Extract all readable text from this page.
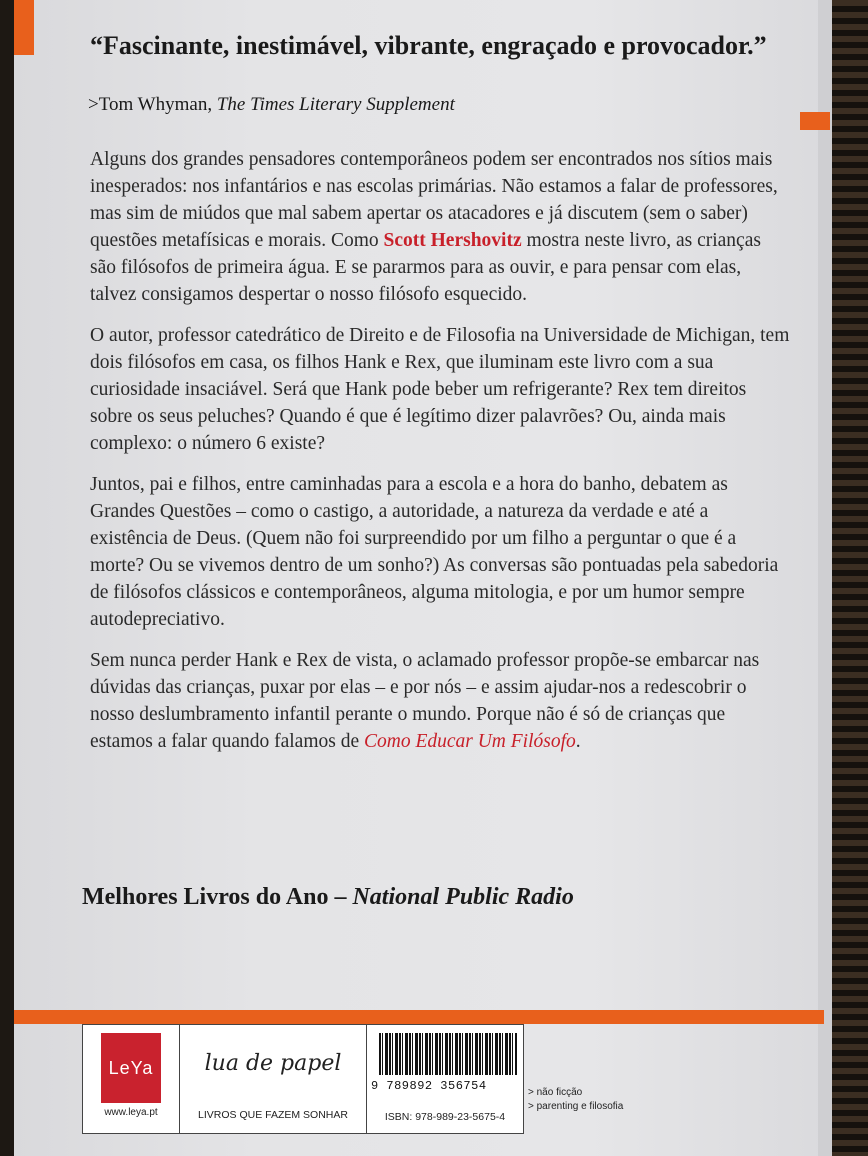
“Fascinante, inestimável, vibrante, engraçado e provocador.”
>Tom Whyman, The Times Literary Supplement

Alguns dos grandes pensadores contemporâneos podem ser encontrados nos sítios mais inesperados: nos infantários e nas escolas primárias. Não estamos a falar de professores, mas sim de miúdos que mal sabem apertar os atacadores e já discutem (sem o saber) questões metafísicas e morais. Como Scott Hershovitz mostra neste livro, as crianças são filósofos de primeira água. E se pararmos para as ouvir, e para pensar com elas, talvez consigamos despertar o nosso filósofo esquecido.

O autor, professor catedrático de Direito e de Filosofia na Universidade de Michigan, tem dois filósofos em casa, os filhos Hank e Rex, que iluminam este livro com a sua curiosidade insaciável. Será que Hank pode beber um refrigerante? Rex tem direitos sobre os seus peluches? Quando é que é legítimo dizer palavrões? Ou, ainda mais complexo: o número 6 existe?

Juntos, pai e filhos, entre caminhadas para a escola e a hora do banho, debatem as Grandes Questões – como o castigo, a autoridade, a natureza da verdade e até a existência de Deus. (Quem não foi surpreendido por um filho a perguntar o que é a morte? Ou se vivemos dentro de um sonho?) As conversas são pontuadas pela sabedoria de filósofos clássicos e contemporâneos, alguma mitologia, e por um humor sempre autodepreciativo.

Sem nunca perder Hank e Rex de vista, o aclamado professor propõe-se embarcar nas dúvidas das crianças, puxar por elas – e por nós – e assim ajudar-nos a redescobrir o nosso deslumbramento infantil perante o mundo. Porque não é só de crianças que estamos a falar quando falamos de Como Educar Um Filósofo.

Melhores Livros do Ano – National Public Radio
LeYa
www.leya.pt
lua de papel
LIVROS QUE FAZEM SONHAR
9 789892 356754
ISBN: 978-989-23-5675-4
> não ficção
> parenting e filosofia
